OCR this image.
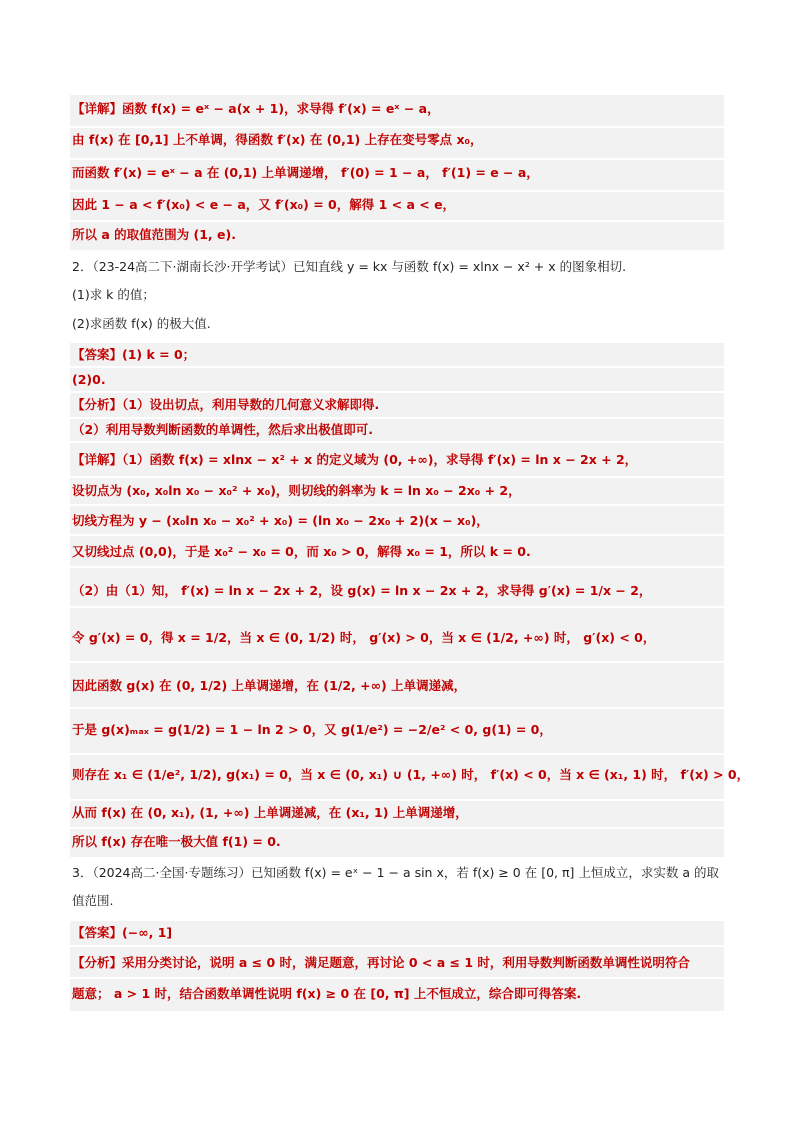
【详解】函数 f(x) = eˣ − a(x + 1)，求导得 f′(x) = eˣ − a，
由 f(x) 在 [0,1] 上不单调，得函数 f′(x) 在 (0,1) 上存在变号零点 x₀，
而函数 f′(x) = eˣ − a 在 (0,1) 上单调递增， f′(0) = 1 − a， f′(1) = e − a，
因此 1 − a < f′(x₀) < e − a，又 f′(x₀) = 0，解得 1 < a < e，
所以 a 的取值范围为 (1, e).
2．（23-24高二下·湖南长沙·开学考试）已知直线 y = kx 与函数 f(x) = xlnx − x² + x 的图象相切.
(1)求 k 的值；
(2)求函数 f(x) 的极大值.
【答案】(1) k = 0；
(2)0.
【分析】（1）设出切点，利用导数的几何意义求解即得.
（2）利用导数判断函数的单调性，然后求出极值即可.
【详解】（1）函数 f(x) = xlnx − x² + x 的定义域为 (0, +∞)，求导得 f′(x) = ln x − 2x + 2，
设切点为 (x₀, x₀ln x₀ − x₀² + x₀)，则切线的斜率为 k = ln x₀ − 2x₀ + 2，
切线方程为 y − (x₀ln x₀ − x₀² + x₀) = (ln x₀ − 2x₀ + 2)(x − x₀)，
又切线过点 (0,0)，于是 x₀² − x₀ = 0，而 x₀ > 0，解得 x₀ = 1，所以 k = 0.
（2）由（1）知， f′(x) = ln x − 2x + 2，设 g(x) = ln x − 2x + 2，求导得 g′(x) = 1/x − 2，
令 g′(x) = 0，得 x = 1/2，当 x ∈ (0, 1/2) 时， g′(x) > 0，当 x ∈ (1/2, +∞) 时， g′(x) < 0，
因此函数 g(x) 在 (0, 1/2) 上单调递增，在 (1/2, +∞) 上单调递减，
于是 g(x)ₘₐₓ = g(1/2) = 1 − ln 2 > 0，又 g(1/e²) = −2/e² < 0, g(1) = 0，
则存在 x₁ ∈ (1/e², 1/2), g(x₁) = 0，当 x ∈ (0, x₁) ∪ (1, +∞) 时， f′(x) < 0，当 x ∈ (x₁, 1) 时， f′(x) > 0，
从而 f(x) 在 (0, x₁), (1, +∞) 上单调递减，在 (x₁, 1) 上单调递增，
所以 f(x) 存在唯一极大值 f(1) = 0.
3．（2024高二·全国·专题练习）已知函数 f(x) = eˣ − 1 − a sin x，若 f(x) ≥ 0 在 [0, π] 上恒成立，求实数 a 的取
值范围.
【答案】(−∞, 1]
【分析】采用分类讨论，说明 a ≤ 0 时，满足题意，再讨论 0 < a ≤ 1 时，利用导数判断函数单调性说明符合
题意； a > 1 时，结合函数单调性说明 f(x) ≥ 0 在 [0, π] 上不恒成立，综合即可得答案.
